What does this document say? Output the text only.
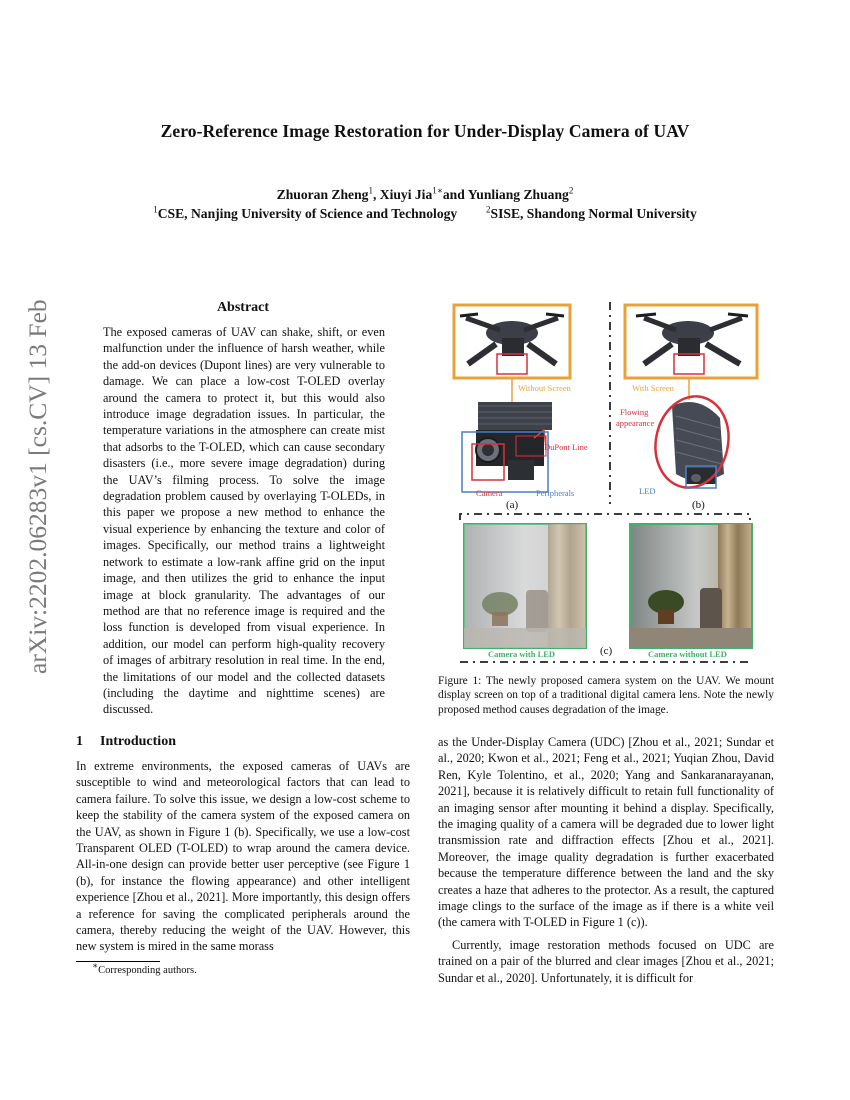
arXiv:2202.06283v1 [cs.CV] 13 Feb 2022
Zero-Reference Image Restoration for Under-Display Camera of UAV
Zhuoran Zheng$^1$, Xiuyi Jia$^{1∗}$and Yunliang Zhuang$^2$
$^1$CSE, Nanjing University of Science and Technology	$^2$SISE, Shandong Normal University
Abstract
The exposed cameras of UAV can shake, shift, or even malfunction under the influence of harsh weather, while the add-on devices (Dupont lines) are very vulnerable to damage. We can place a low-cost T-OLED overlay around the camera to protect it, but this would also introduce image degradation issues. In particular, the temperature variations in the atmosphere can create mist that adsorbs to the T-OLED, which can cause secondary disasters (i.e., more severe image degradation) during the UAV’s filming process. To solve the image degradation problem caused by overlaying T-OLEDs, in this paper we propose a new method to enhance the visual experience by enhancing the texture and color of images. Specifically, our method trains a lightweight network to estimate a low-rank affine grid on the input image, and then utilizes the grid to enhance the input image at block granularity. The advantages of our method are that no reference image is required and the loss function is developed from visual experience. In addition, our model can perform high-quality recovery of images of arbitrary resolution in real time. In the end, the limitations of our model and the collected datasets (including the daytime and nighttime scenes) are discussed.
1 Introduction
In extreme environments, the exposed cameras of UAVs are susceptible to wind and meteorological factors that can lead to camera failure. To solve this issue, we design a low-cost scheme to keep the stability of the camera system of the exposed camera on the UAV, as shown in Figure 1 (b). Specifically, we use a low-cost Transparent OLED (T-OLED) to wrap around the camera device. All-in-one design can provide better user perceptive (see Figure 1 (b), for instance the flowing appearance) and other intelligent experience [Zhou et al., 2021]. More importantly, this design offers a reference for saving the complicated peripherals around the camera, thereby reducing the weight of the UAV. However, this new system is mired in the same morass

as the Under-Display Camera (UDC) [Zhou et al., 2021; Sundar et al., 2020; Kwon et al., 2021; Feng et al., 2021; Yuqian Zhou, David Ren, Kyle Tolentino, et al., 2020; Yang and Sankaranarayanan, 2021], because it is relatively difficult to retain full functionality of an imaging sensor after mounting it behind a display. Specifically, the imaging quality of a camera will be degraded due to lower light transmission rate and diffraction effects [Zhou et al., 2021]. Moreover, the image quality degradation is further exacerbated because the temperature difference between the land and the sky creates a haze that adheres to the protector. As a result, the captured image clings to the surface of the image as if there is a white veil (the camera with T-OLED in Figure 1 (c)).

Currently, image restoration methods focused on UDC are trained on a pair of the blurred and clear images [Zhou et al., 2021; Sundar et al., 2020]. Unfortunately, it is difficult for

∗Corresponding authors.
Without Screen
DuPont Line
Camera	Peripherals
(a)
With Screen
Flowing
appearance
LED
(b)
Camera with LED	Camera without LED
(c)
Figure 1: The newly proposed camera system on the UAV. We mount display screen on top of a traditional digital camera lens. Note the newly proposed method causes degradation of the image.
